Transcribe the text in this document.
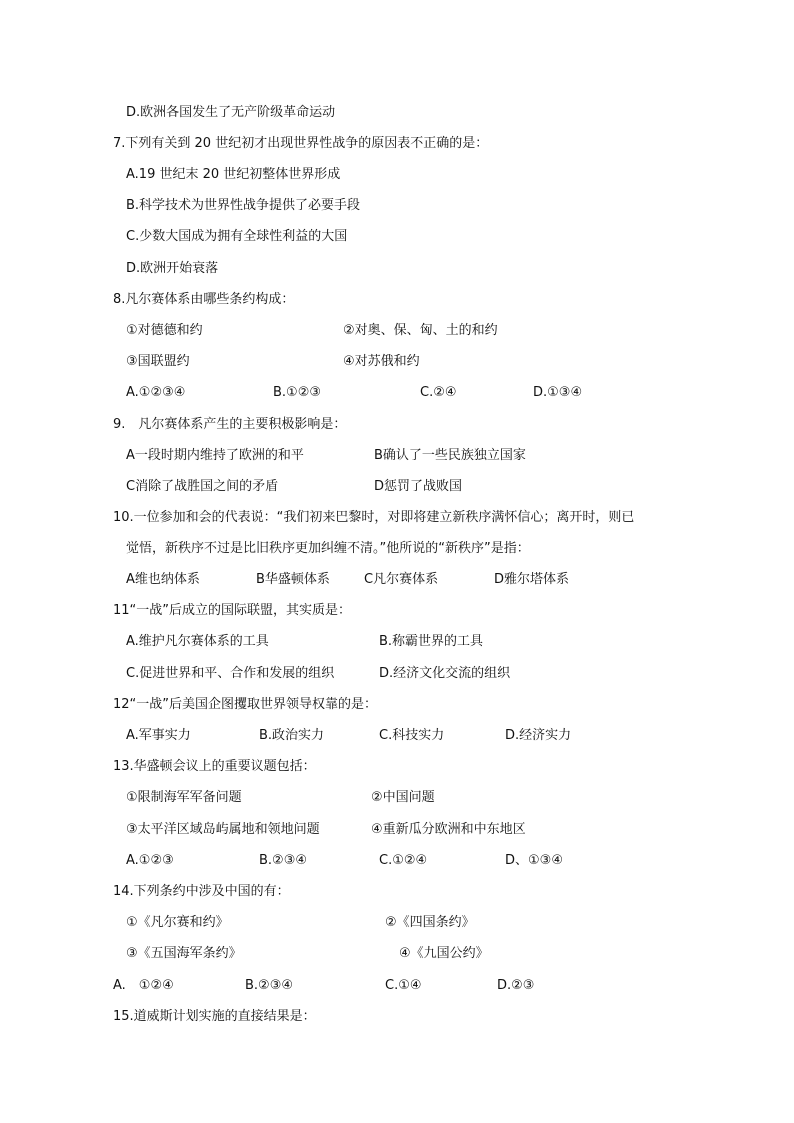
D.欧洲各国发生了无产阶级革命运动
7.下列有关到 20 世纪初才出现世界性战争的原因表不正确的是：
A.19 世纪末 20 世纪初整体世界形成
B.科学技术为世界性战争提供了必要手段
C.少数大国成为拥有全球性利益的大国
D.欧洲开始衰落
8.凡尔赛体系由哪些条约构成：
①对德德和约	②对奥、保、匈、土的和约
③国联盟约	④对苏俄和约
A.①②③④	B.①②③	C.②④	D.①③④
9.　凡尔赛体系产生的主要积极影响是：
A一段时期内维持了欧洲的和平	B确认了一些民族独立国家
C消除了战胜国之间的矛盾	D惩罚了战败国
10.一位参加和会的代表说：“我们初来巴黎时，对即将建立新秩序满怀信心；离开时，则已
觉悟，新秩序不过是比旧秩序更加纠缠不清。”他所说的“新秩序”是指：
A维也纳体系	B华盛顿体系	C凡尔赛体系	D雅尔塔体系
11“一战”后成立的国际联盟，其实质是：
A.维护凡尔赛体系的工具	B.称霸世界的工具
C.促进世界和平、合作和发展的组织	D.经济文化交流的组织
12“一战”后美国企图攫取世界领导权靠的是：
A.军事实力	B.政治实力	C.科技实力	D.经济实力
13.华盛顿会议上的重要议题包括：
①限制海军军备问题	②中国问题
③太平洋区域岛屿属地和领地问题	④重新瓜分欧洲和中东地区
A.①②③	B.②③④	C.①②④	D、①③④
14.下列条约中涉及中国的有：
①《凡尔赛和约》	②《四国条约》
③《五国海军条约》	④《九国公约》
A.　①②④	B.②③④	C.①④	D.②③
15.道威斯计划实施的直接结果是：
